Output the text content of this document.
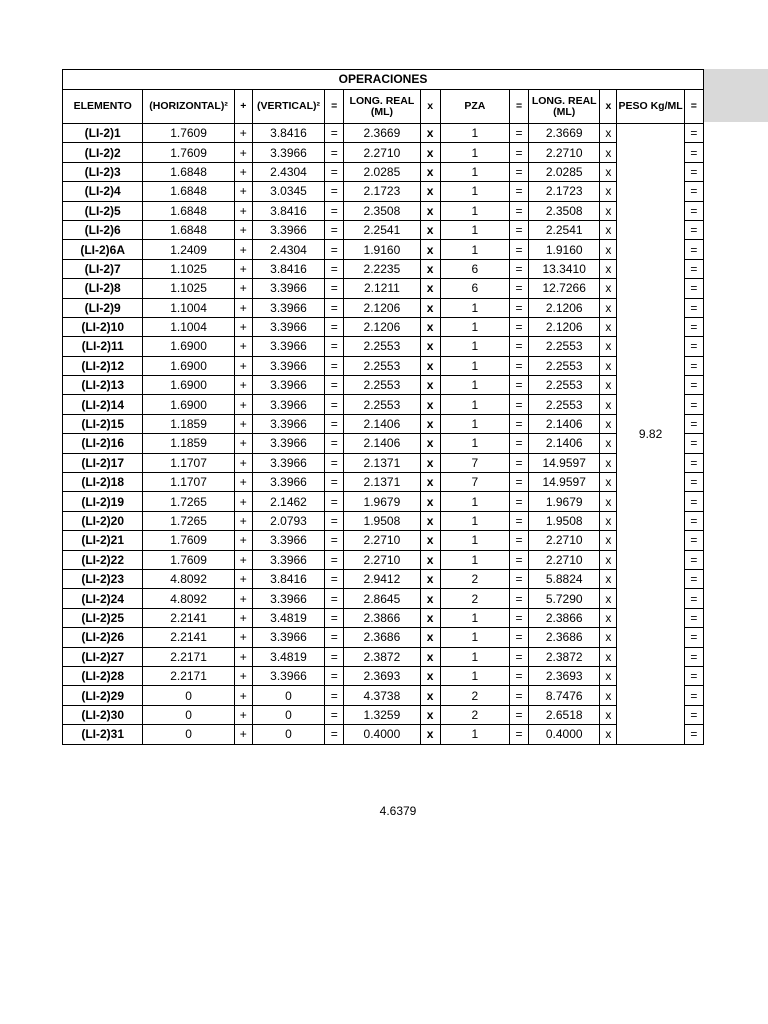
OPERACIONES												
ELEMENTO	(HORIZONTAL)²	+	(VERTICAL)²	=	LONG. REAL (ML)	x	PZA	=	LONG. REAL (ML)	x	PESO Kg/ML	=
(LI-2)1	1.7609	+	3.8416	=	2.3669	x	1	=	2.3669	x	9.82	=
(LI-2)2	1.7609	+	3.3966	=	2.2710	x	1	=	2.2710	x		=
(LI-2)3	1.6848	+	2.4304	=	2.0285	x	1	=	2.0285	x		=
(LI-2)4	1.6848	+	3.0345	=	2.1723	x	1	=	2.1723	x		=
(LI-2)5	1.6848	+	3.8416	=	2.3508	x	1	=	2.3508	x		=
(LI-2)6	1.6848	+	3.3966	=	2.2541	x	1	=	2.2541	x		=
(LI-2)6A	1.2409	+	2.4304	=	1.9160	x	1	=	1.9160	x		=
(LI-2)7	1.1025	+	3.8416	=	2.2235	x	6	=	13.3410	x		=
(LI-2)8	1.1025	+	3.3966	=	2.1211	x	6	=	12.7266	x		=
(LI-2)9	1.1004	+	3.3966	=	2.1206	x	1	=	2.1206	x		=
(LI-2)10	1.1004	+	3.3966	=	2.1206	x	1	=	2.1206	x		=
(LI-2)11	1.6900	+	3.3966	=	2.2553	x	1	=	2.2553	x		=
(LI-2)12	1.6900	+	3.3966	=	2.2553	x	1	=	2.2553	x		=
(LI-2)13	1.6900	+	3.3966	=	2.2553	x	1	=	2.2553	x		=
(LI-2)14	1.6900	+	3.3966	=	2.2553	x	1	=	2.2553	x		=
(LI-2)15	1.1859	+	3.3966	=	2.1406	x	1	=	2.1406	x		=
(LI-2)16	1.1859	+	3.3966	=	2.1406	x	1	=	2.1406	x		=
(LI-2)17	1.1707	+	3.3966	=	2.1371	x	7	=	14.9597	x		=
(LI-2)18	1.1707	+	3.3966	=	2.1371	x	7	=	14.9597	x		=
(LI-2)19	1.7265	+	2.1462	=	1.9679	x	1	=	1.9679	x		=
(LI-2)20	1.7265	+	2.0793	=	1.9508	x	1	=	1.9508	x		=
(LI-2)21	1.7609	+	3.3966	=	2.2710	x	1	=	2.2710	x		=
(LI-2)22	1.7609	+	3.3966	=	2.2710	x	1	=	2.2710	x		=
(LI-2)23	4.8092	+	3.8416	=	2.9412	x	2	=	5.8824	x		=
(LI-2)24	4.8092	+	3.3966	=	2.8645	x	2	=	5.7290	x		=
(LI-2)25	2.2141	+	3.4819	=	2.3866	x	1	=	2.3866	x		=
(LI-2)26	2.2141	+	3.3966	=	2.3686	x	1	=	2.3686	x		=
(LI-2)27	2.2171	+	3.4819	=	2.3872	x	1	=	2.3872	x		=
(LI-2)28	2.2171	+	3.3966	=	2.3693	x	1	=	2.3693	x		=
(LI-2)29	0	+	0	=	4.3738	x	2	=	8.7476	x		=
(LI-2)30	0	+	0	=	1.3259	x	2	=	2.6518	x		=
(LI-2)31	0	+	0	=	0.4000	x	1	=	0.4000	x		=
4.6379
